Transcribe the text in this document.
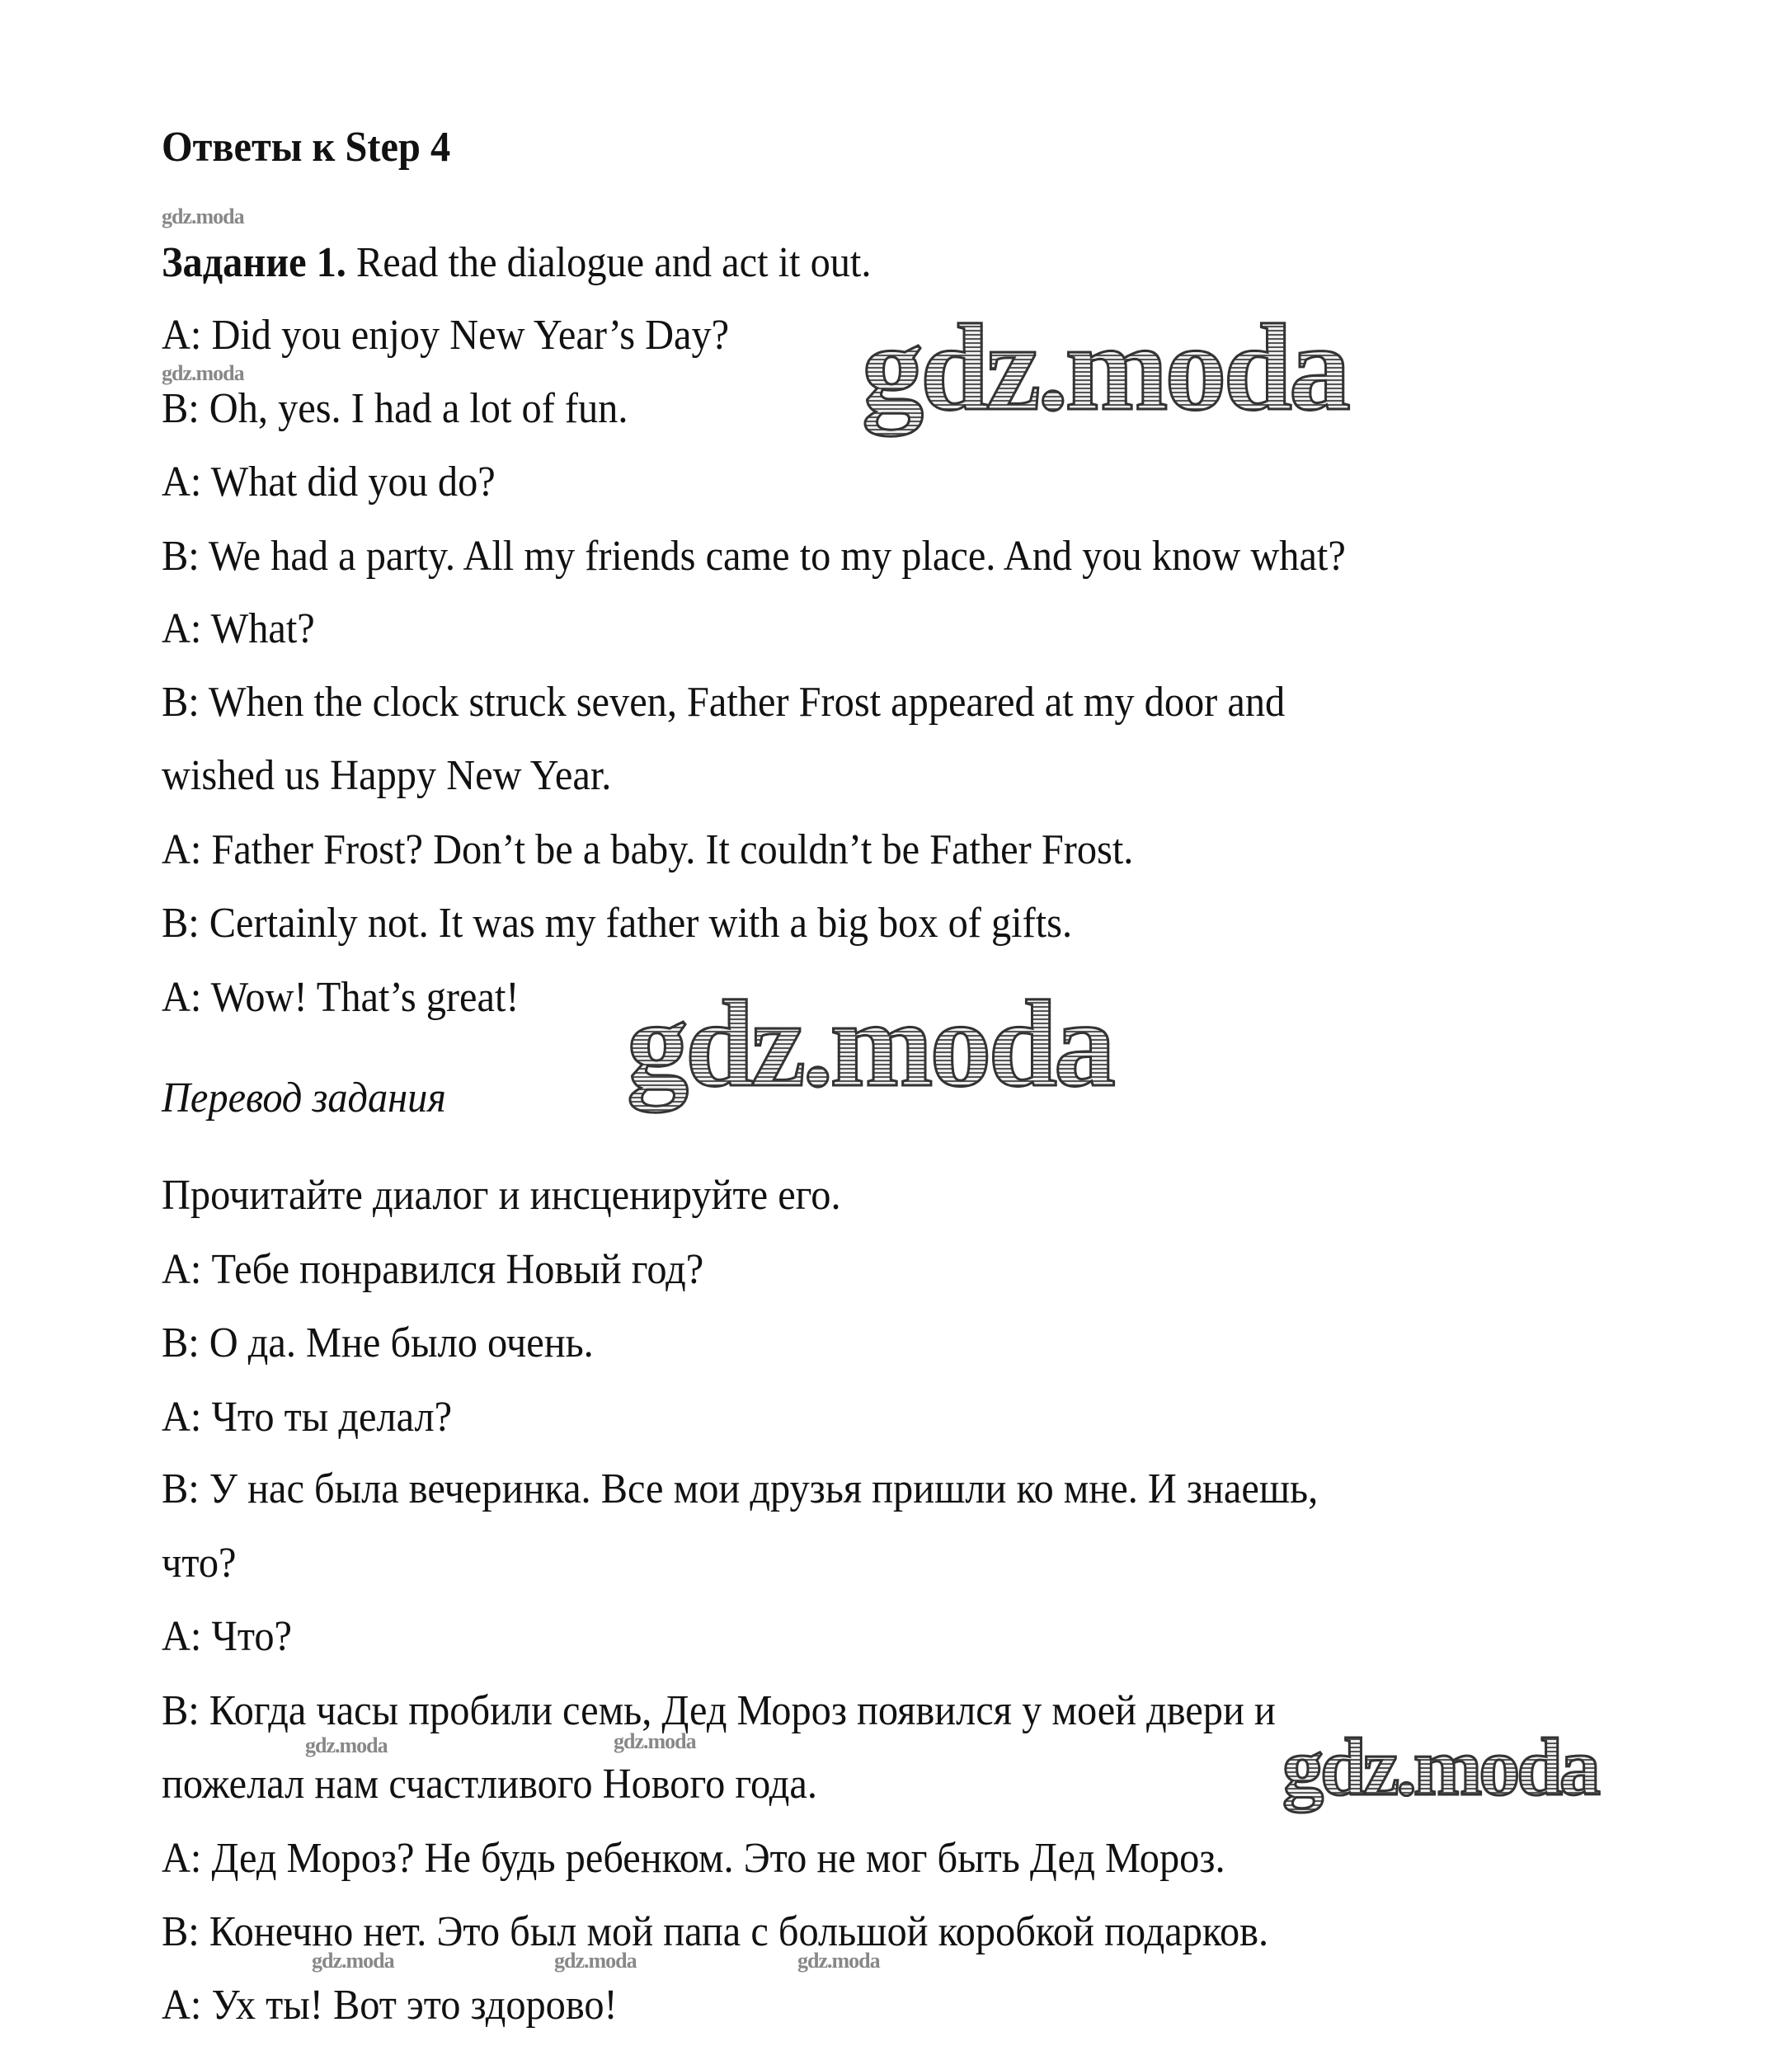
Ответы к Step 4
Задание 1. Read the dialogue and act it out.
A: Did you enjoy New Year’s Day?
B: Oh, yes. I had a lot of fun.
A: What did you do?
B: We had a party. All my friends came to my place. And you know what?
A: What?
B: When the clock struck seven, Father Frost appeared at my door and
wished us Happy New Year.
A: Father Frost? Don’t be a baby. It couldn’t be Father Frost.
B: Certainly not. It was my father with a big box of gifts.
A: Wow! That’s great!
Перевод задания
Прочитайте диалог и инсценируйте его.
A: Тебе понравился Новый год?
B: О да. Мне было очень.
A: Что ты делал?
B: У нас была вечеринка. Все мои друзья пришли ко мне. И знаешь,
что?
A: Что?
B: Когда часы пробили семь, Дед Мороз появился у моей двери и
пожелал нам счастливого Нового года.
A: Дед Мороз? Не будь ребенком. Это не мог быть Дед Мороз.
B: Конечно нет. Это был мой папа с большой коробкой подарков.
A: Ух ты! Вот это здорово!
gdz.moda
gdz.moda
gdz.moda
gdz.moda
gdz.moda
gdz.moda	gdz.moda
gdz.moda	gdz.moda	gdz.moda
